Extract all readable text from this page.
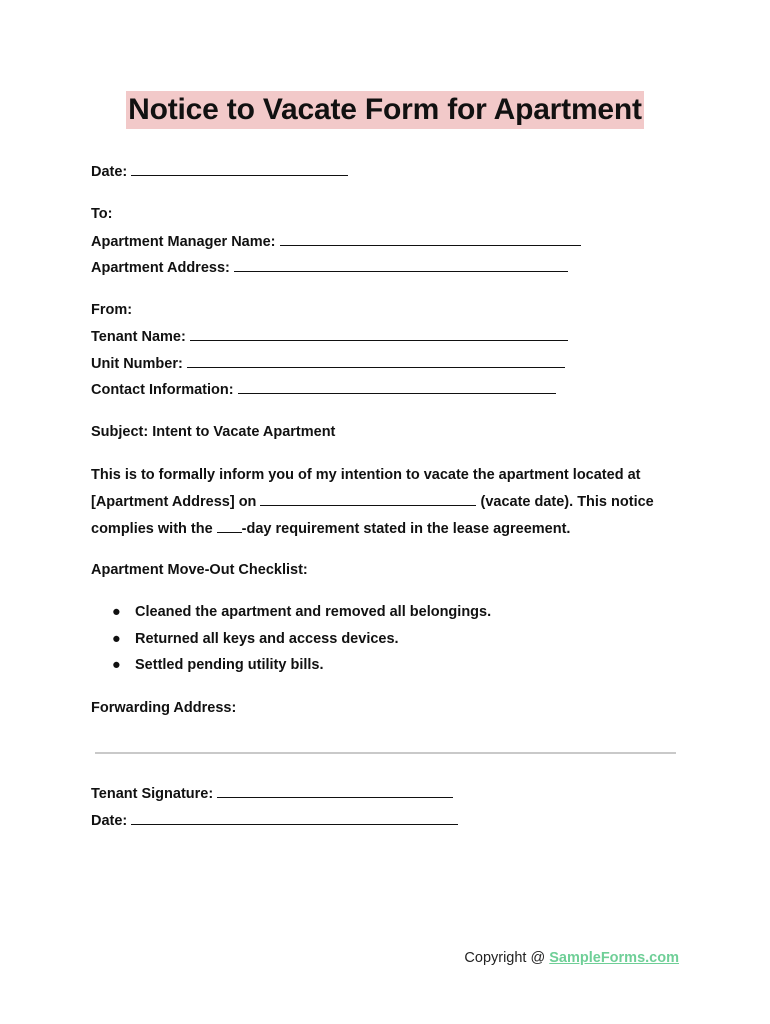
Notice to Vacate Form for Apartment
Date:
To:
Apartment Manager Name:
Apartment Address:
From:
Tenant Name:
Unit Number:
Contact Information:
Subject: Intent to Vacate Apartment
This is to formally inform you of my intention to vacate the apartment located at
[Apartment Address] on	(vacate date). This notice
complies with the -day requirement stated in the lease agreement.
Apartment Move-Out Checklist:
● Cleaned the apartment and removed all belongings.
● Returned all keys and access devices.
● Settled pending utility bills.
Forwarding Address:
Tenant Signature:
Date:
Copyright @ SampleForms.com
